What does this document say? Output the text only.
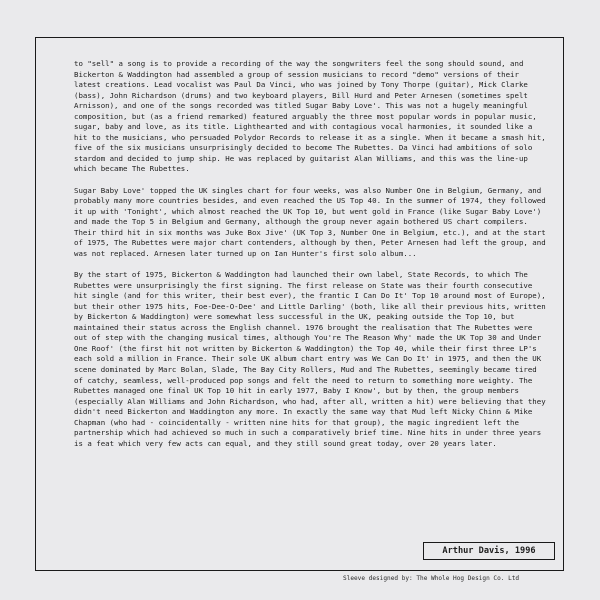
to "sell" a song is to provide a recording of the way the songwriters feel the song should sound, and Bickerton & Waddington had assembled a group of session musicians to record "demo" versions of their latest creations. Lead vocalist was Paul Da Vinci, who was joined by Tony Thorpe (guitar), Mick Clarke (bass), John Richardson (drums) and two keyboard players, Bill Hurd and Peter Arnesen (sometimes spelt Arnisson), and one of the songs recorded was titled Sugar Baby Love'. This was not a hugely meaningful composition, but (as a friend remarked) featured arguably the three most popular words in popular music, sugar, baby and love, as its title. Lighthearted and with contagious vocal harmonies, it sounded like a hit to the musicians, who persuaded Polydor Records to release it as a single. When it became a smash hit, five of the six musicians unsurprisingly decided to become The Rubettes. Da Vinci had ambitions of solo stardom and decided to jump ship. He was replaced by guitarist Alan Williams, and this was the line-up which became The Rubettes.

Sugar Baby Love' topped the UK singles chart for four weeks, was also Number One in Belgium, Germany, and probably many more countries besides, and even reached the US Top 40. In the summer of 1974, they followed it up with 'Tonight', which almost reached the UK Top 10, but went gold in France (like Sugar Baby Love') and made the Top 5 in Belgium and Germany, although the group never again bothered US chart compilers. Their third hit in six months was Juke Box Jive' (UK Top 3, Number One in Belgium, etc.), and at the start of 1975, The Rubettes were major chart contenders, although by then, Peter Arnesen had left the group, and was not replaced. Arnesen later turned up on Ian Hunter's first solo album...

By the start of 1975, Bickerton & Waddington had launched their own label, State Records, to which The Rubettes were unsurprisingly the first signing. The first release on State was their fourth consecutive hit single (and for this writer, their best ever), the frantic I Can Do It' Top 10 around most of Europe), but their other 1975 hits, Foe-Dee-O-Dee' and Little Darling' (both, like all their previous hits, written by Bickerton & Waddington) were somewhat less successful in the UK, peaking outside the Top 10, but maintained their status across the English channel. 1976 brought the realisation that The Rubettes were out of step with the changing musical times, although You're The Reason Why' made the UK Top 30 and Under One Roof' (the first hit not written by Bickerton & Waddington) the Top 40, while their first three LP's each sold a million in France. Their sole UK album chart entry was We Can Do It' in 1975, and then the UK scene dominated by Marc Bolan, Slade, The Bay City Rollers, Mud and The Rubettes, seemingly became tired of catchy, seamless, well-produced pop songs and felt the need to return to something more weighty. The Rubettes managed one final UK Top 10 hit in early 1977, Baby I Know', but by then, the group members (especially Alan Williams and John Richardson, who had, after all, written a hit) were believing that they didn't need Bickerton and Waddington any more. In exactly the same way that Mud left Nicky Chinn & Mike Chapman (who had - coincidentally - written nine hits for that group), the magic ingredient left the partnership which had achieved so much in such a comparatively brief time. Nine hits in under three years is a feat which very few acts can equal, and they still sound great today, over 20 years later.

Arthur Davis, 1996
Sleeve designed by: The Whole Hog Design Co. Ltd
